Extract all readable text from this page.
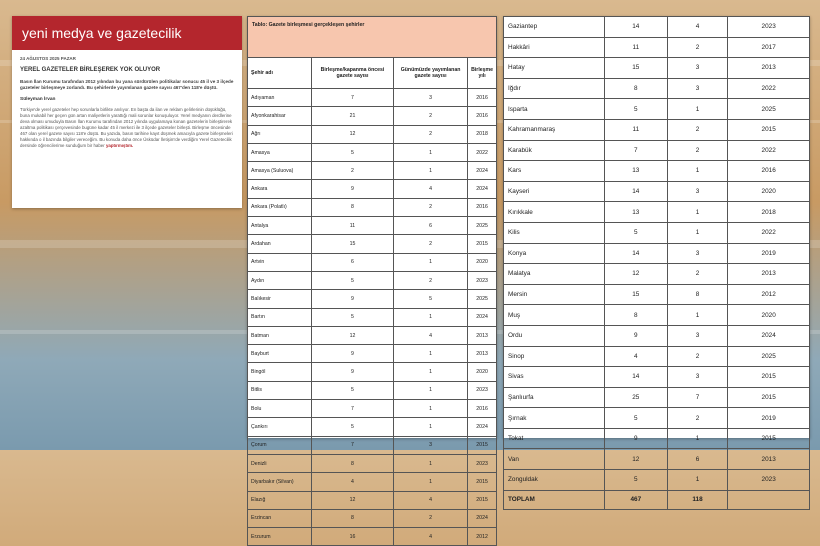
yeni medya ve gazetecilik
24 AĞUSTOS 2025 PAZAR
YEREL GAZETELER BİRLEŞEREK YOK OLUYOR
Basın İlan Kurumu tarafından 2012 yılından bu yana sürdürülen politikalar sonucu 45 il ve 3 ilçede gazeteler birleşmeye zorlandı. Bu şehirlerde yayımlanan gazete sayısı 467'den 118'e düştü.
Süleyman İrvan
Türkiye'de yerel gazeteler hep sorunlarla birlikte anılıyor. En başta da ilan ve reklam gelirlerinin düşüklüğü, buna mukabil her geçen gün artan maliyetlerin yarattığı mali sorunlar konuşuluyor. Yerel medyanın derdlerine deva olması umuduyla Basın İlan Kurumu tarafından 2012 yılında uygulamaya konan gazetelerin birleştirerek azaltma politikası çerçevesinde bugüne kadar 45 il merkezi ile 3 ilçede gazeteler birleşti. Birleşme öncesinde 467 olan yerel gazete sayısı 118'e düştü. Bu yazıda, basın tarihine kayıt düşmek amacıyla gazete birleşmeleri hakkında o il bazında bilgiler vereceğim. Bu konuda daha önce Üsküdar İletişim'de verdiğim Yerel Gazetecilik dersinde öğrencilerime sunduğum bir haber yaptırmıştım.
Tablo: Gazete birleşmesi gerçekleşen şehirler			
Şehir adı	Birleşme/kapanma öncesi gazete sayısı	Günümüzde yayımlanan gazete sayısı	Birleşme yılı
Adıyaman	7	3	2016
Afyonkarahisar	21	2	2016
Ağrı	12	2	2018
Amasya	5	1	2022
Amasya (Suluova)	2	1	2024
Ankara	9	4	2024
Ankara (Polatlı)	8	2	2016
Antalya	11	6	2025
Ardahan	15	2	2015
Artvin	6	1	2020
Aydın	5	2	2023
Balıkesir	9	5	2025
Bartın	5	1	2024
Batman	12	4	2013
Bayburt	9	1	2013
Bingöl	9	1	2020
Bitlis	5	1	2023
Bolu	7	1	2016
Çankırı	5	1	2024
Çorum	7	3	2015
Denizli	8	1	2023
Diyarbakır (Silvan)	4	1	2015
Elazığ	12	4	2015
Erzincan	8	2	2024
Erzurum	16	4	2012
Gaziantep	14	4	2023
Hakkâri	11	2	2017
Hatay	15	3	2013
Iğdır	8	3	2022
Isparta	5	1	2025
Kahramanmaraş	11	2	2015
Karabük	7	2	2022
Kars	13	1	2016
Kayseri	14	3	2020
Kırıkkale	13	1	2018
Kilis	5	1	2022
Konya	14	3	2019
Malatya	12	2	2013
Mersin	15	8	2012
Muş	8	1	2020
Ordu	9	3	2024
Sinop	4	2	2025
Sivas	14	3	2015
Şanlıurfa	25	7	2015
Şırnak	5	2	2019
Tokat	9	1	2015
Van	12	6	2013
Zonguldak	5	1	2023
TOPLAM	467	118	
